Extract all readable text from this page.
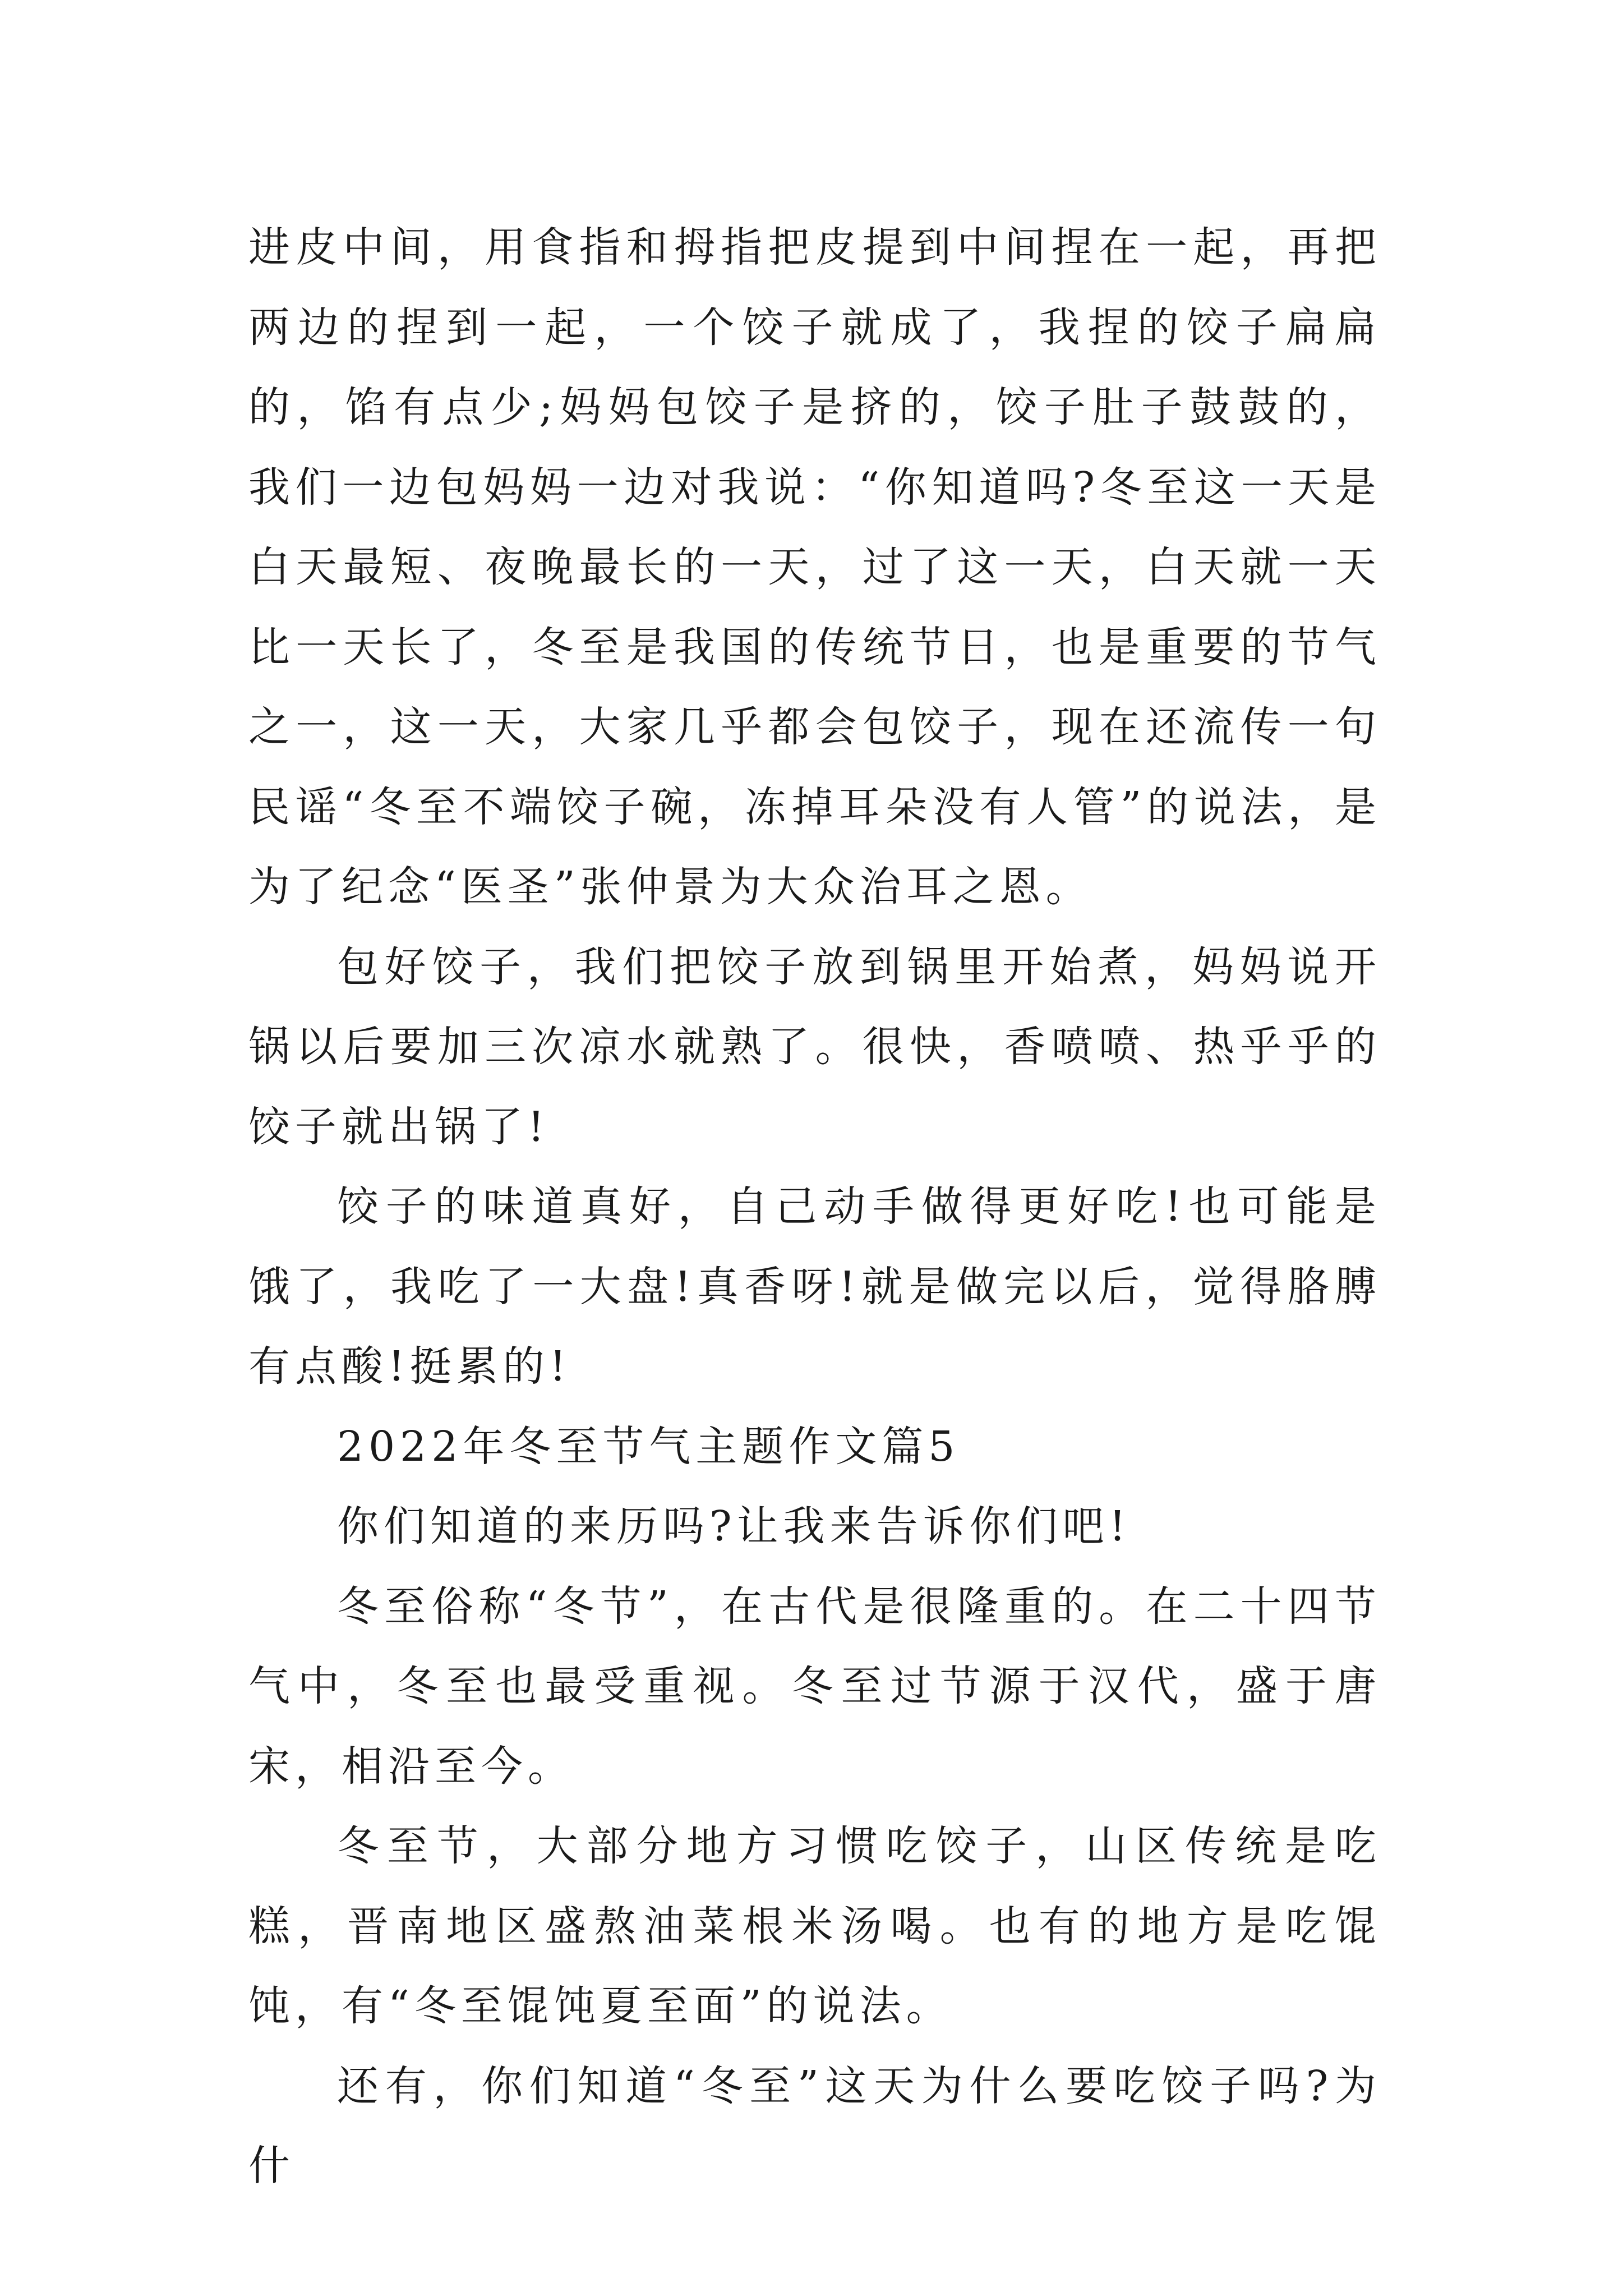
进皮中间，用食指和拇指把皮提到中间捏在一起，再把两边的捏到一起，一个饺子就成了，我捏的饺子扁扁的，馅有点少;妈妈包饺子是挤的，饺子肚子鼓鼓的，我们一边包妈妈一边对我说：“你知道吗?冬至这一天是白天最短、夜晚最长的一天，过了这一天，白天就一天比一天长了，冬至是我国的传统节日，也是重要的节气之一，这一天，大家几乎都会包饺子，现在还流传一句民谣“冬至不端饺子碗，冻掉耳朵没有人管”的说法，是为了纪念“医圣”张仲景为大众治耳之恩。

包好饺子，我们把饺子放到锅里开始煮，妈妈说开锅以后要加三次凉水就熟了。很快，香喷喷、热乎乎的饺子就出锅了!

饺子的味道真好，自己动手做得更好吃!也可能是饿了，我吃了一大盘!真香呀!就是做完以后，觉得胳膊有点酸!挺累的!

2022年冬至节气主题作文篇5

你们知道的来历吗?让我来告诉你们吧!

冬至俗称“冬节”，在古代是很隆重的。在二十四节气中，冬至也最受重视。冬至过节源于汉代，盛于唐宋，相沿至今。

冬至节，大部分地方习惯吃饺子，山区传统是吃糕，晋南地区盛熬油菜根米汤喝。也有的地方是吃馄饨，有“冬至馄饨夏至面”的说法。

还有，你们知道“冬至”这天为什么要吃饺子吗?为什
